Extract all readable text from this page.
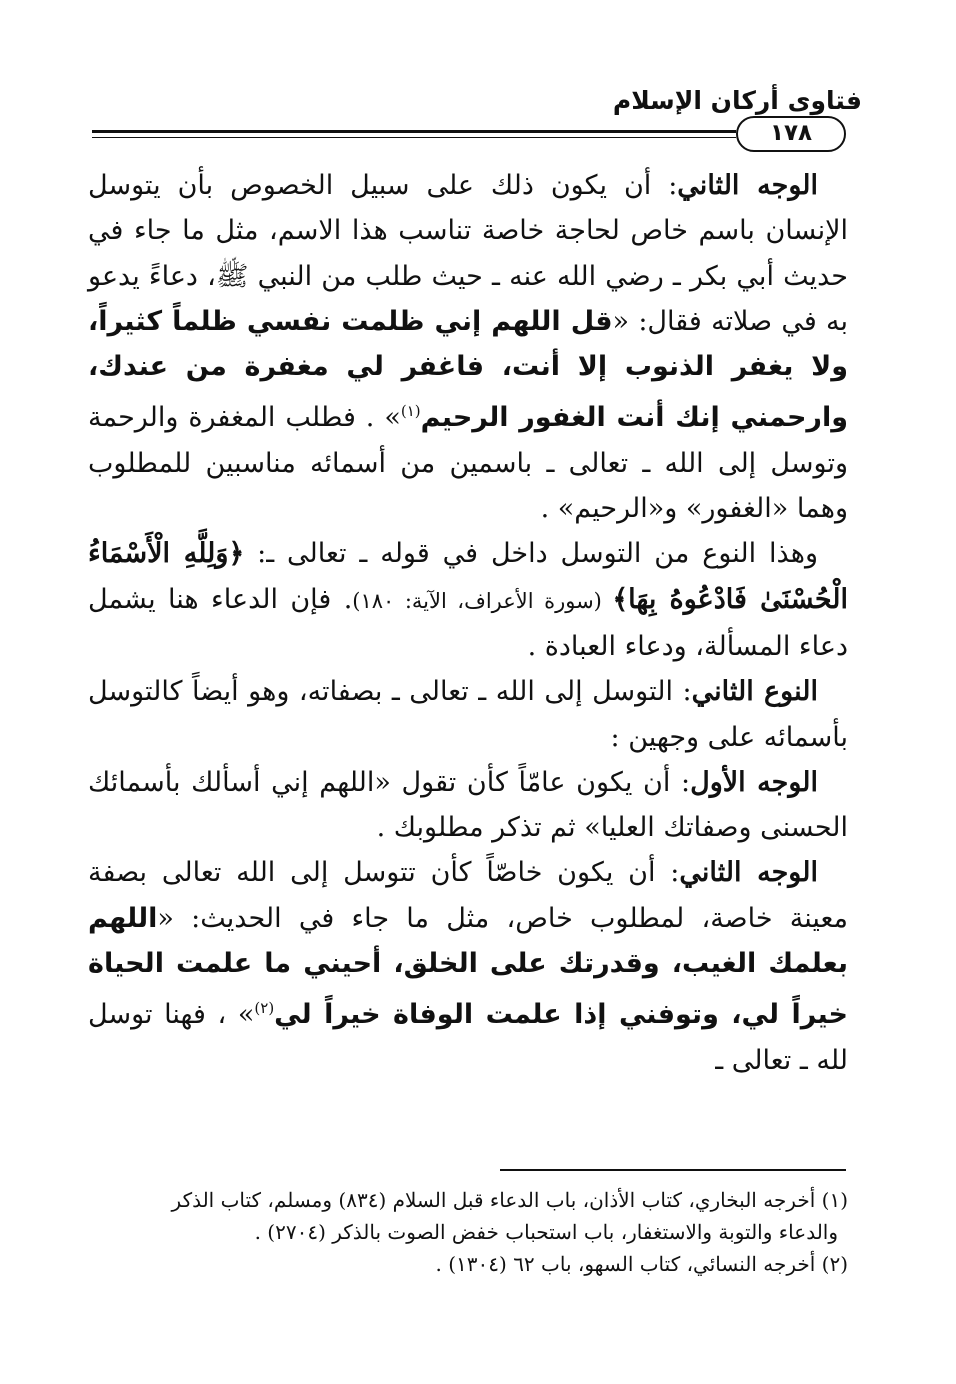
فتاوى أركان الإسلام
١٧٨

الوجه الثاني: أن يكون ذلك على سبيل الخصوص بأن يتوسل الإنسان باسم خاص لحاجة خاصة تناسب هذا الاسم، مثل ما جاء في حديث أبي بكر ـ رضي الله عنه ـ حيث طلب من النبي ﷺ، دعاءً يدعو به في صلاته فقال: «قل اللهم إني ظلمت نفسي ظلماً كثيراً، ولا يغفر الذنوب إلا أنت، فاغفر لي مغفرة من عندك، وارحمني إنك أنت الغفور الرحيم$^{(١)}$» . فطلب المغفرة والرحمة وتوسل إلى الله ـ تعالى ـ باسمين من أسمائه مناسبين للمطلوب وهما «الغفور» و«الرحيم» .

وهذا النوع من التوسل داخل في قوله ـ تعالى ـ: ﴿وَلِلَّهِ الْأَسْمَاءُ الْحُسْنَىٰ فَادْعُوهُ بِهَا﴾ (سورة الأعراف، الآية: ١٨٠). فإن الدعاء هنا يشمل دعاء المسألة، ودعاء العبادة .

النوع الثاني: التوسل إلى الله ـ تعالى ـ بصفاته، وهو أيضاً كالتوسل بأسمائه على وجهين :

الوجه الأول: أن يكون عامّاً كأن تقول «اللهم إني أسألك بأسمائك الحسنى وصفاتك العليا» ثم تذكر مطلوبك .

الوجه الثاني: أن يكون خاصّاً كأن تتوسل إلى الله تعالى بصفة معينة خاصة، لمطلوب خاص، مثل ما جاء في الحديث: «اللهم بعلمك الغيب، وقدرتك على الخلق، أحيني ما علمت الحياة خيراً لي، وتوفني إذا علمت الوفاة خيراً لي$^{(٢)}$» ، فهنا توسل لله ـ تعالى ـ

(١) أخرجه البخاري، كتاب الأذان، باب الدعاء قبل السلام (٨٣٤) ومسلم، كتاب الذكر

والدعاء والتوبة والاستغفار، باب استحباب خفض الصوت بالذكر (٢٧٠٤) .

(٢) أخرجه النسائي، كتاب السهو، باب ٦٢ (١٣٠٤) .
